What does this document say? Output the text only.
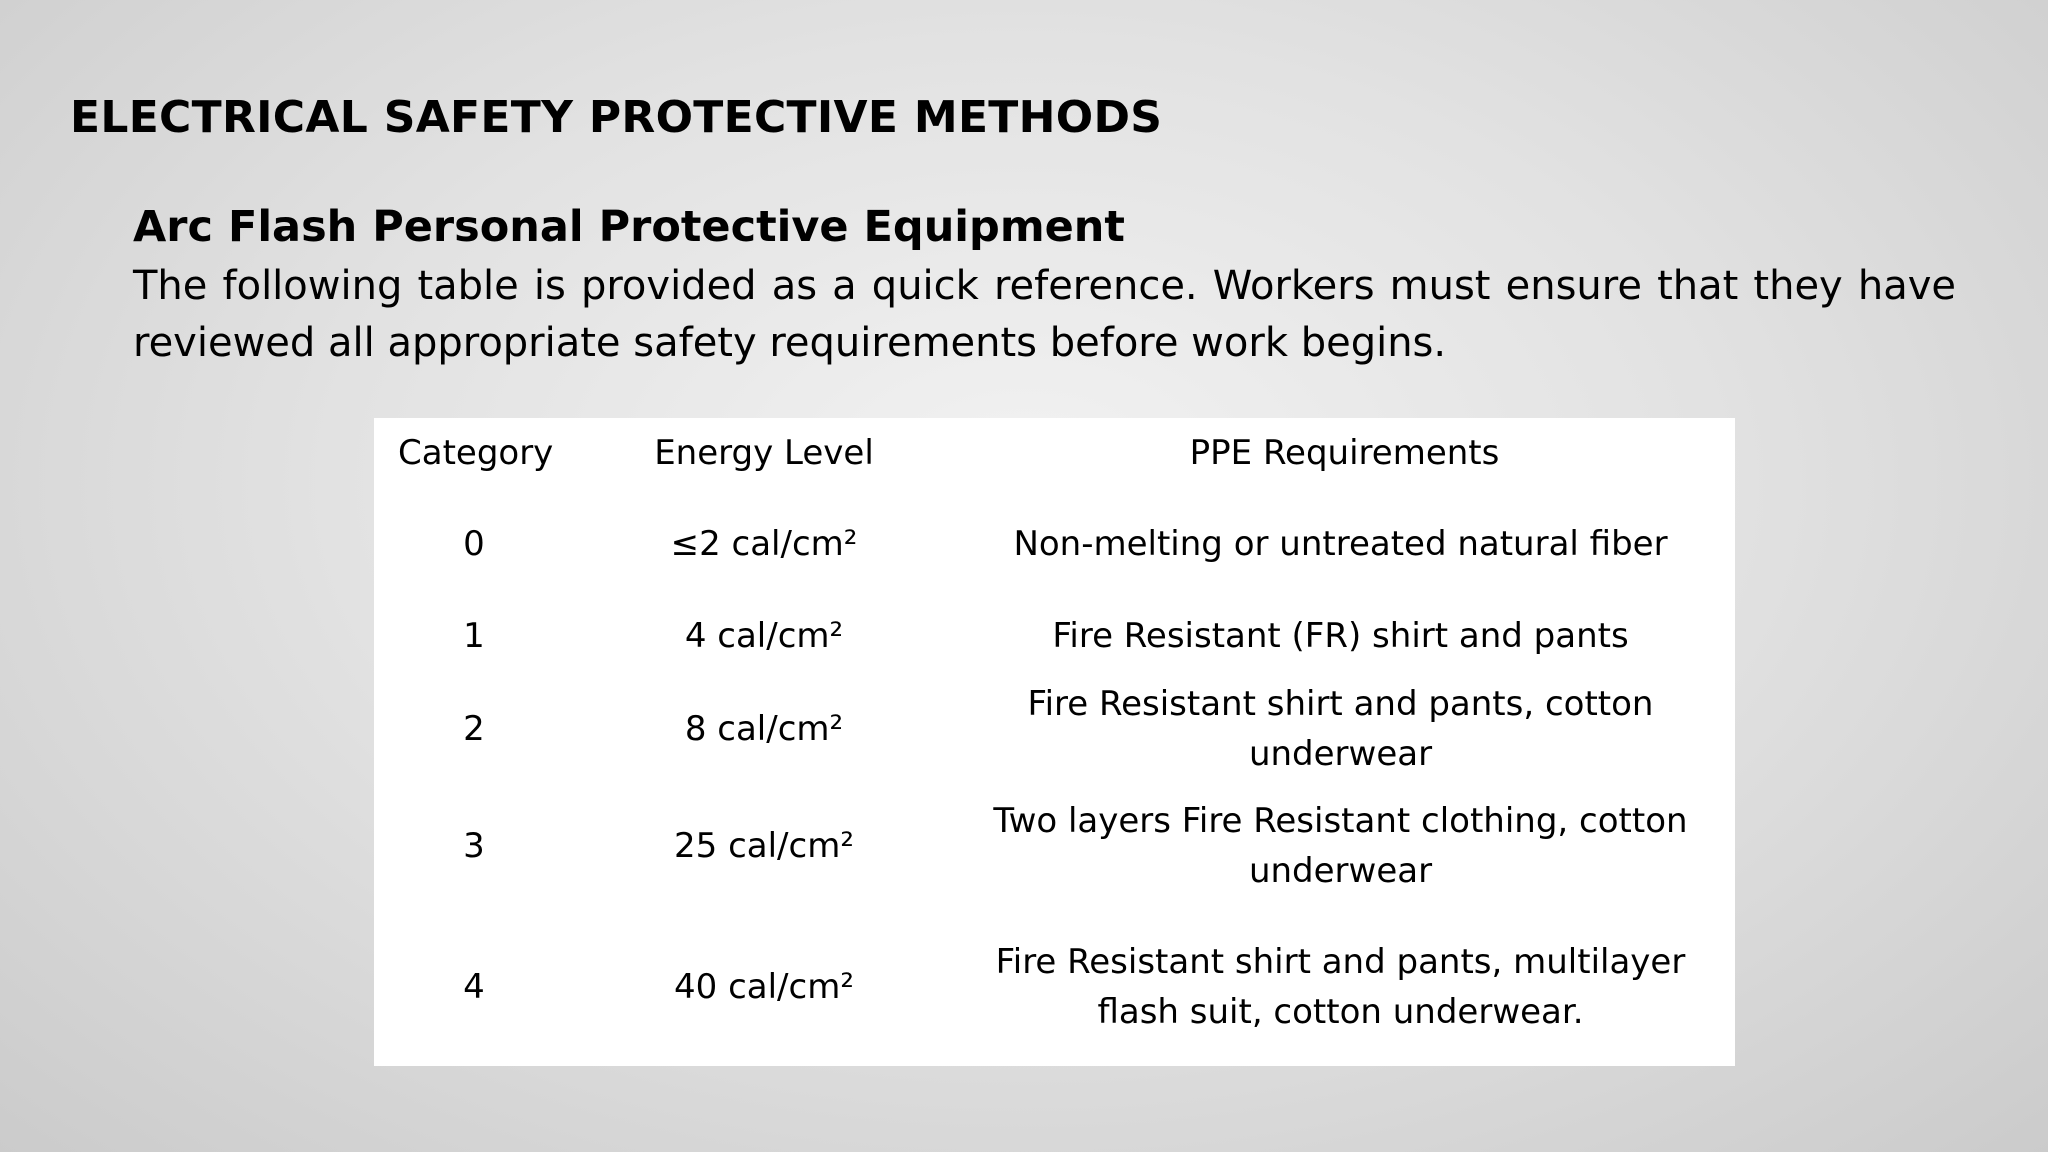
ELECTRICAL SAFETY PROTECTIVE METHODS
Arc Flash Personal Protective Equipment

The following table is provided as a quick reference. Workers must ensure that they have reviewed all appropriate safety requirements before work begins.

Category	Energy Level	PPE Requirements
0	≤2 cal/cm²	Non-melting or untreated natural fiber
1	4 cal/cm²	Fire Resistant (FR) shirt and pants
2	8 cal/cm²	Fire Resistant shirt and pants, cotton underwear
3	25 cal/cm²	Two layers Fire Resistant clothing, cotton underwear
4	40 cal/cm²	Fire Resistant shirt and pants, multilayer flash suit, cotton underwear.
